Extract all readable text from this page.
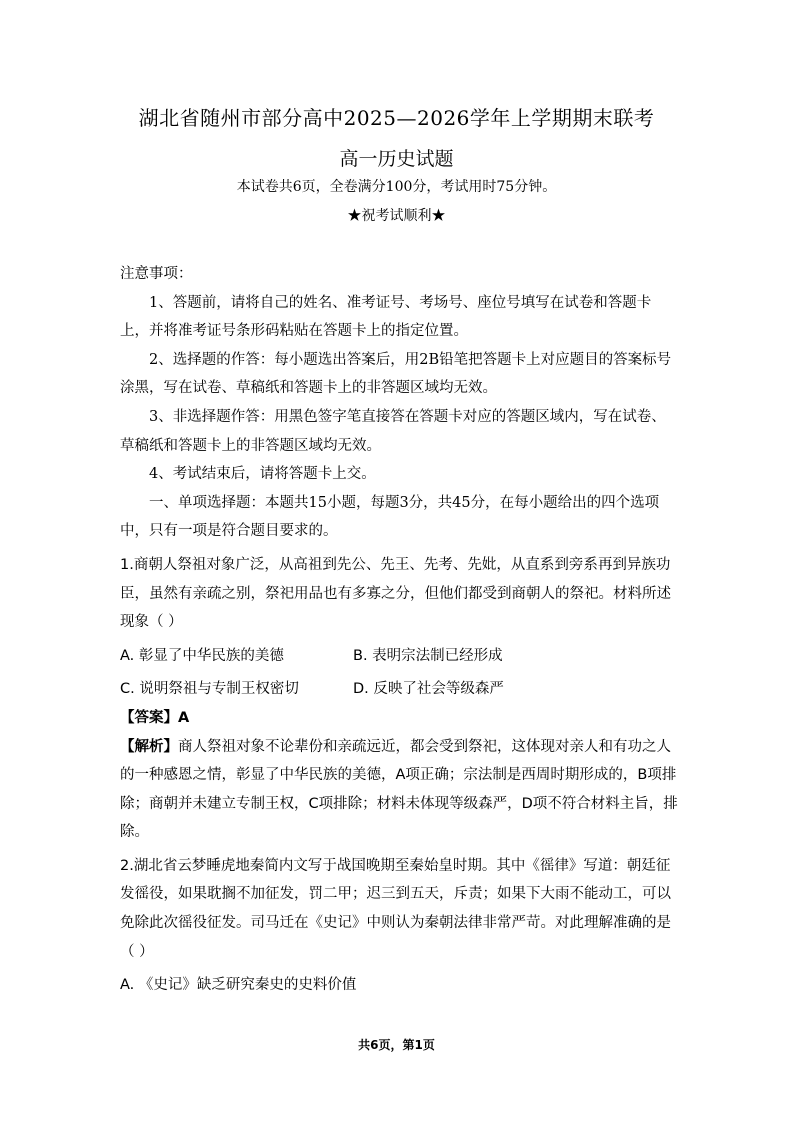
湖北省随州市部分高中2025—2026学年上学期期末联考
高一历史试题
本试卷共6页，全卷满分100分，考试用时75分钟。
★祝考试顺利★

注意事项：

1、答题前，请将自己的姓名、准考证号、考场号、座位号填写在试卷和答题卡上，并将准考证号条形码粘贴在答题卡上的指定位置。

2、选择题的作答：每小题选出答案后，用2B铅笔把答题卡上对应题目的答案标号涂黑，写在试卷、草稿纸和答题卡上的非答题区域均无效。

3、非选择题作答：用黑色签字笔直接答在答题卡对应的答题区域内，写在试卷、草稿纸和答题卡上的非答题区域均无效。

4、考试结束后，请将答题卡上交。

一、单项选择题：本题共15小题，每题3分，共45分，在每小题给出的四个选项中，只有一项是符合题目要求的。

1.商朝人祭祖对象广泛，从高祖到先公、先王、先考、先妣，从直系到旁系再到异族功臣，虽然有亲疏之别，祭祀用品也有多寡之分，但他们都受到商朝人的祭祀。材料所述现象（ ）

A. 彰显了中华民族的美德	B. 表明宗法制已经形成
C. 说明祭祖与专制王权密切	D. 反映了社会等级森严

【答案】A

【解析】商人祭祖对象不论辈份和亲疏远近，都会受到祭祀，这体现对亲人和有功之人的一种感恩之情，彰显了中华民族的美德，A项正确；宗法制是西周时期形成的，B项排除；商朝并未建立专制王权，C项排除；材料未体现等级森严，D项不符合材料主旨，排除。

2.湖北省云梦睡虎地秦简内文写于战国晚期至秦始皇时期。其中《徭律》写道：朝廷征发徭役，如果耽搁不加征发，罚二甲；迟三到五天，斥责；如果下大雨不能动工，可以免除此次徭役征发。司马迁在《史记》中则认为秦朝法律非常严苛。对此理解准确的是（ ）

A. 《史记》缺乏研究秦史的史料价值
共6页，第1页
